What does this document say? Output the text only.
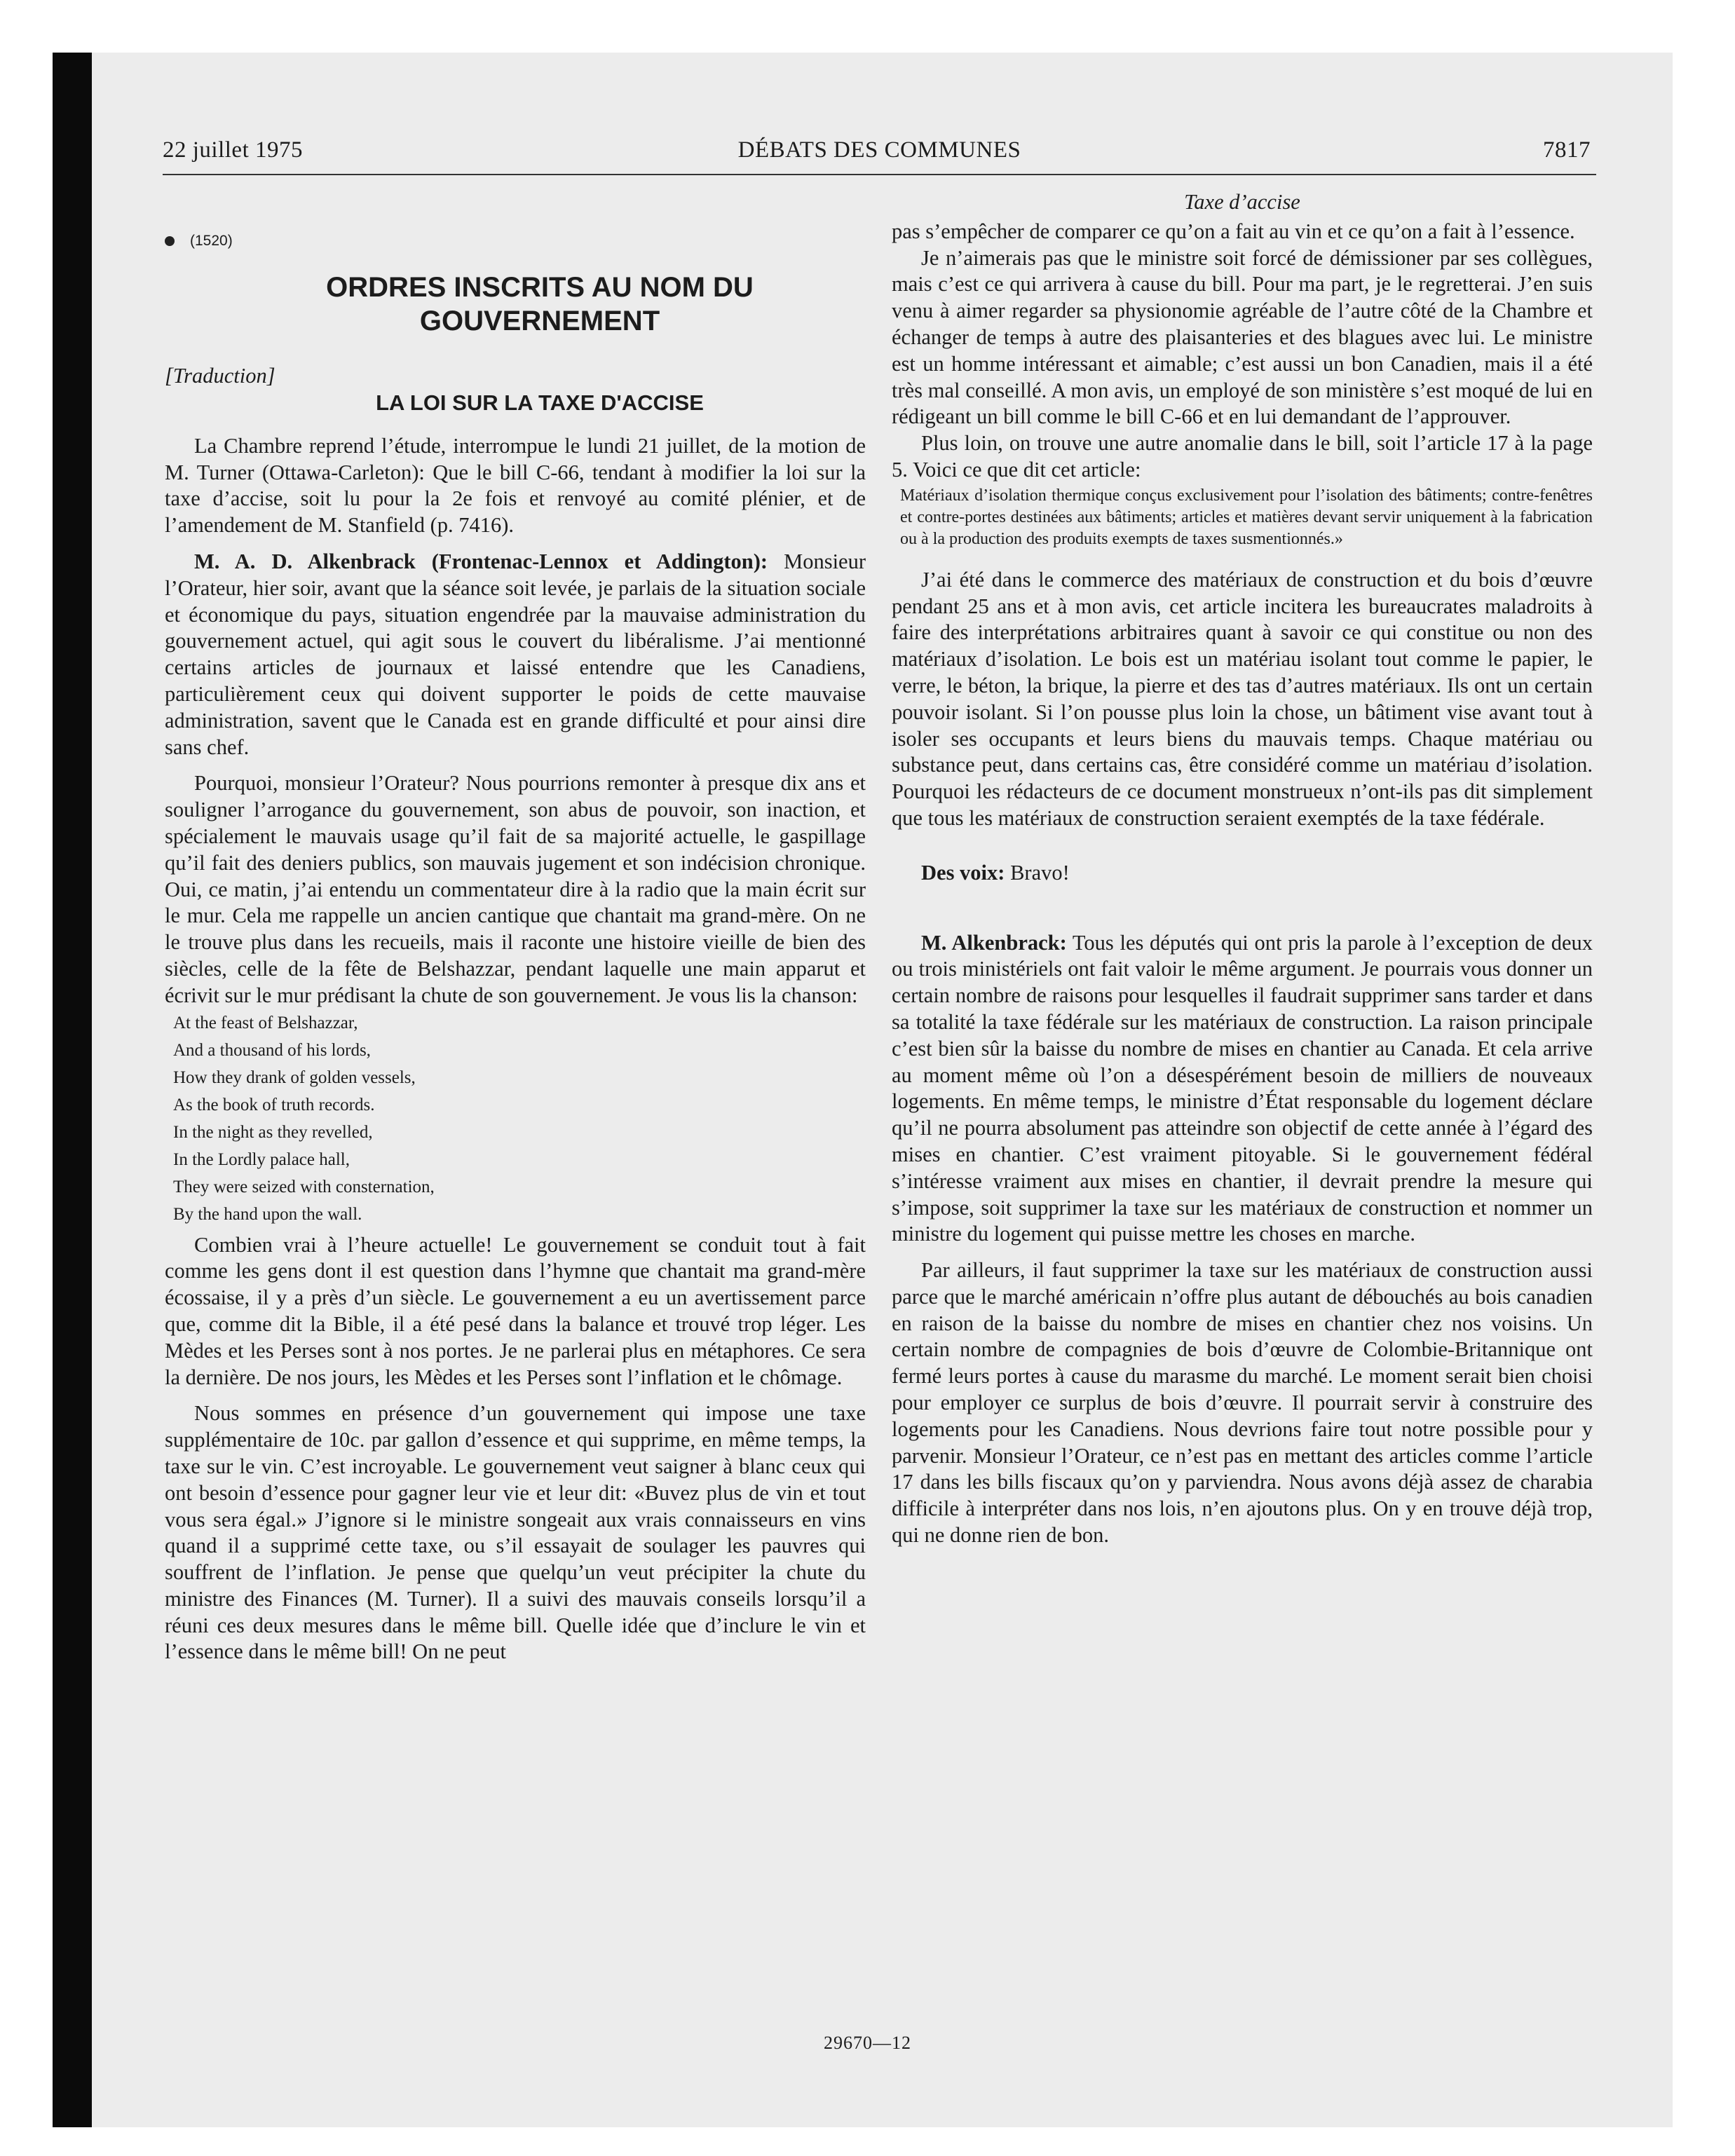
22 juillet 1975	DÉBATS DES COMMUNES	7817
(1520)
ORDRES INSCRITS AU NOM DU GOUVERNEMENT

[Traduction]

LA LOI SUR LA TAXE D'ACCISE

La Chambre reprend l’étude, interrompue le lundi 21 juillet, de la motion de M. Turner (Ottawa-Carleton): Que le bill C-66, tendant à modifier la loi sur la taxe d’accise, soit lu pour la 2e fois et renvoyé au comité plénier, et de l’amendement de M. Stanfield (p. 7416).

M. A. D. Alkenbrack (Frontenac-Lennox et Addington): Monsieur l’Orateur, hier soir, avant que la séance soit levée, je parlais de la situation sociale et économique du pays, situation engendrée par la mauvaise administration du gouvernement actuel, qui agit sous le couvert du libéralisme. J’ai mentionné certains articles de journaux et laissé entendre que les Canadiens, particulièrement ceux qui doivent supporter le poids de cette mauvaise administration, savent que le Canada est en grande difficulté et pour ainsi dire sans chef.

Pourquoi, monsieur l’Orateur? Nous pourrions remonter à presque dix ans et souligner l’arrogance du gouvernement, son abus de pouvoir, son inaction, et spécialement le mauvais usage qu’il fait de sa majorité actuelle, le gaspillage qu’il fait des deniers publics, son mauvais jugement et son indécision chronique. Oui, ce matin, j’ai entendu un commentateur dire à la radio que la main écrit sur le mur. Cela me rappelle un ancien cantique que chantait ma grand-mère. On ne le trouve plus dans les recueils, mais il raconte une histoire vieille de bien des siècles, celle de la fête de Belshazzar, pendant laquelle une main apparut et écrivit sur le mur prédisant la chute de son gouvernement. Je vous lis la chanson:

At the feast of Belshazzar,
And a thousand of his lords,
How they drank of golden vessels,
As the book of truth records.
In the night as they revelled,
In the Lordly palace hall,
They were seized with consternation,
By the hand upon the wall.

Combien vrai à l’heure actuelle! Le gouvernement se conduit tout à fait comme les gens dont il est question dans l’hymne que chantait ma grand-mère écossaise, il y a près d’un siècle. Le gouvernement a eu un avertissement parce que, comme dit la Bible, il a été pesé dans la balance et trouvé trop léger. Les Mèdes et les Perses sont à nos portes. Je ne parlerai plus en métaphores. Ce sera la dernière. De nos jours, les Mèdes et les Perses sont l’inflation et le chômage.

Nous sommes en présence d’un gouvernement qui impose une taxe supplémentaire de 10c. par gallon d’essence et qui supprime, en même temps, la taxe sur le vin. C’est incroyable. Le gouvernement veut saigner à blanc ceux qui ont besoin d’essence pour gagner leur vie et leur dit: «Buvez plus de vin et tout vous sera égal.» J’ignore si le ministre songeait aux vrais connaisseurs en vins quand il a supprimé cette taxe, ou s’il essayait de soulager les pauvres qui souffrent de l’inflation. Je pense que quelqu’un veut précipiter la chute du ministre des Finances (M. Turner). Il a suivi des mauvais conseils lorsqu’il a réuni ces deux mesures dans le même bill. Quelle idée que d’inclure le vin et l’essence dans le même bill! On ne peut

Taxe d’accise

pas s’empêcher de comparer ce qu’on a fait au vin et ce qu’on a fait à l’essence.

Je n’aimerais pas que le ministre soit forcé de démissioner par ses collègues, mais c’est ce qui arrivera à cause du bill. Pour ma part, je le regretterai. J’en suis venu à aimer regarder sa physionomie agréable de l’autre côté de la Chambre et échanger de temps à autre des plaisanteries et des blagues avec lui. Le ministre est un homme intéressant et aimable; c’est aussi un bon Canadien, mais il a été très mal conseillé. A mon avis, un employé de son ministère s’est moqué de lui en rédigeant un bill comme le bill C-66 et en lui demandant de l’approuver.

Plus loin, on trouve une autre anomalie dans le bill, soit l’article 17 à la page 5. Voici ce que dit cet article:

Matériaux d’isolation thermique conçus exclusivement pour l’isolation des bâtiments; contre-fenêtres et contre-portes destinées aux bâtiments; articles et matières devant servir uniquement à la fabrication ou à la production des produits exempts de taxes susmentionnés.»

J’ai été dans le commerce des matériaux de construction et du bois d’œuvre pendant 25 ans et à mon avis, cet article incitera les bureaucrates maladroits à faire des interprétations arbitraires quant à savoir ce qui constitue ou non des matériaux d’isolation. Le bois est un matériau isolant tout comme le papier, le verre, le béton, la brique, la pierre et des tas d’autres matériaux. Ils ont un certain pouvoir isolant. Si l’on pousse plus loin la chose, un bâtiment vise avant tout à isoler ses occupants et leurs biens du mauvais temps. Chaque matériau ou substance peut, dans certains cas, être considéré comme un matériau d’isolation. Pourquoi les rédacteurs de ce document monstrueux n’ont-ils pas dit simplement que tous les matériaux de construction seraient exemptés de la taxe fédérale.

Des voix: Bravo!

M. Alkenbrack: Tous les députés qui ont pris la parole à l’exception de deux ou trois ministériels ont fait valoir le même argument. Je pourrais vous donner un certain nombre de raisons pour lesquelles il faudrait supprimer sans tarder et dans sa totalité la taxe fédérale sur les matériaux de construction. La raison principale c’est bien sûr la baisse du nombre de mises en chantier au Canada. Et cela arrive au moment même où l’on a désespérément besoin de milliers de nouveaux logements. En même temps, le ministre d’État responsable du logement déclare qu’il ne pourra absolument pas atteindre son objectif de cette année à l’égard des mises en chantier. C’est vraiment pitoyable. Si le gouvernement fédéral s’intéresse vraiment aux mises en chantier, il devrait prendre la mesure qui s’impose, soit supprimer la taxe sur les matériaux de construction et nommer un ministre du logement qui puisse mettre les choses en marche.

Par ailleurs, il faut supprimer la taxe sur les matériaux de construction aussi parce que le marché américain n’offre plus autant de débouchés au bois canadien en raison de la baisse du nombre de mises en chantier chez nos voisins. Un certain nombre de compagnies de bois d’œuvre de Colombie-Britannique ont fermé leurs portes à cause du marasme du marché. Le moment serait bien choisi pour employer ce surplus de bois d’œuvre. Il pourrait servir à construire des logements pour les Canadiens. Nous devrions faire tout notre possible pour y parvenir. Monsieur l’Orateur, ce n’est pas en mettant des articles comme l’article 17 dans les bills fiscaux qu’on y parviendra. Nous avons déjà assez de charabia difficile à interpréter dans nos lois, n’en ajoutons plus. On y en trouve déjà trop, qui ne donne rien de bon.

29670—12
